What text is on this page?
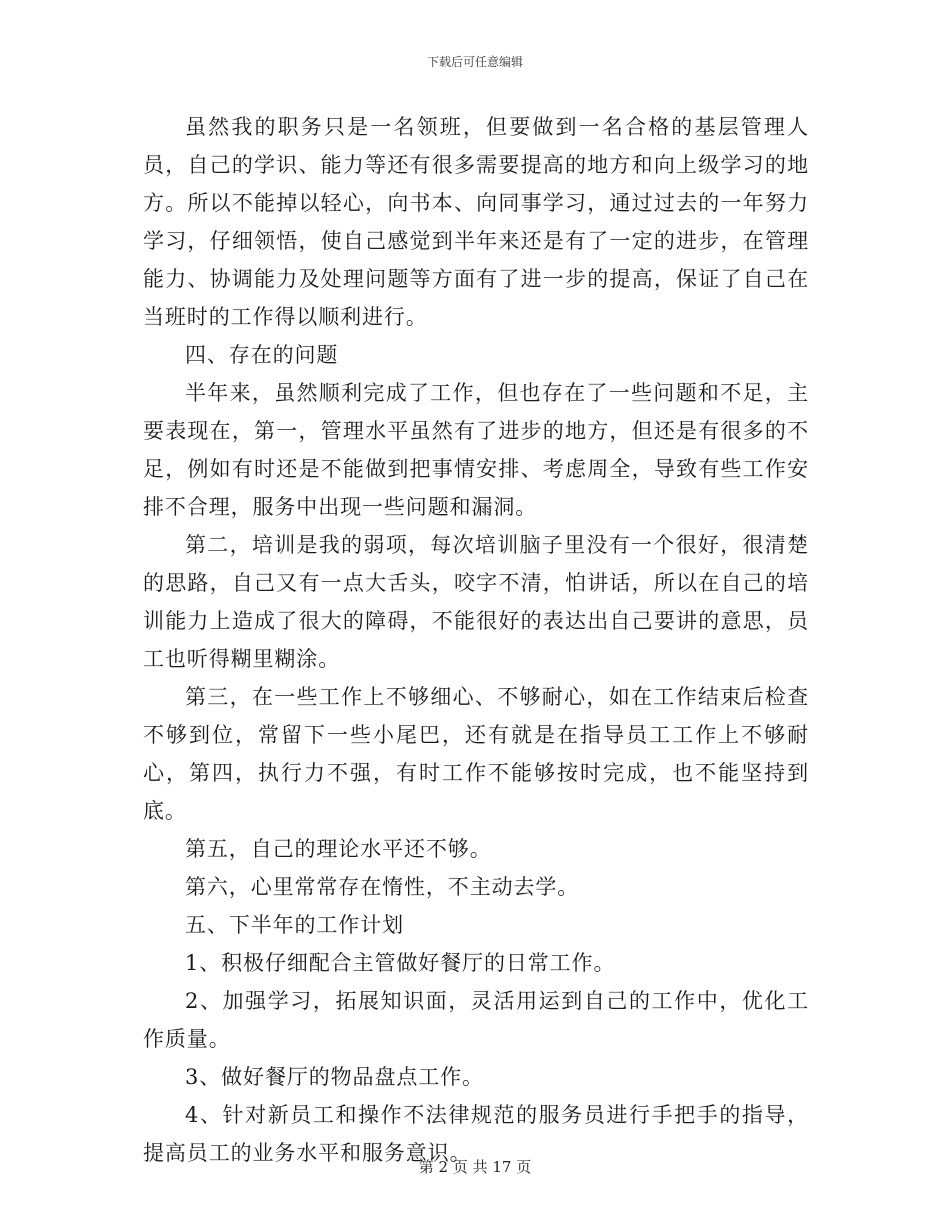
下载后可任意编辑

虽然我的职务只是一名领班，但要做到一名合格的基层管理人员，自己的学识、能力等还有很多需要提高的地方和向上级学习的地方。所以不能掉以轻心，向书本、向同事学习，通过过去的一年努力学习，仔细领悟，使自己感觉到半年来还是有了一定的进步，在管理能力、协调能力及处理问题等方面有了进一步的提高，保证了自己在当班时的工作得以顺利进行。

四、存在的问题

半年来，虽然顺利完成了工作，但也存在了一些问题和不足，主要表现在，第一，管理水平虽然有了进步的地方，但还是有很多的不足，例如有时还是不能做到把事情安排、考虑周全，导致有些工作安排不合理，服务中出现一些问题和漏洞。

第二，培训是我的弱项，每次培训脑子里没有一个很好，很清楚的思路，自己又有一点大舌头，咬字不清，怕讲话，所以在自己的培训能力上造成了很大的障碍，不能很好的表达出自己要讲的意思，员工也听得糊里糊涂。

第三，在一些工作上不够细心、不够耐心，如在工作结束后检查不够到位，常留下一些小尾巴，还有就是在指导员工工作上不够耐心，第四，执行力不强，有时工作不能够按时完成，也不能坚持到底。

第五，自己的理论水平还不够。

第六，心里常常存在惰性，不主动去学。

五、下半年的工作计划

1、积极仔细配合主管做好餐厅的日常工作。

2、加强学习，拓展知识面，灵活用运到自己的工作中，优化工作质量。

3、做好餐厅的物品盘点工作。

4、针对新员工和操作不法律规范的服务员进行手把手的指导，提高员工的业务水平和服务意识。

第 2 页 共 17 页
